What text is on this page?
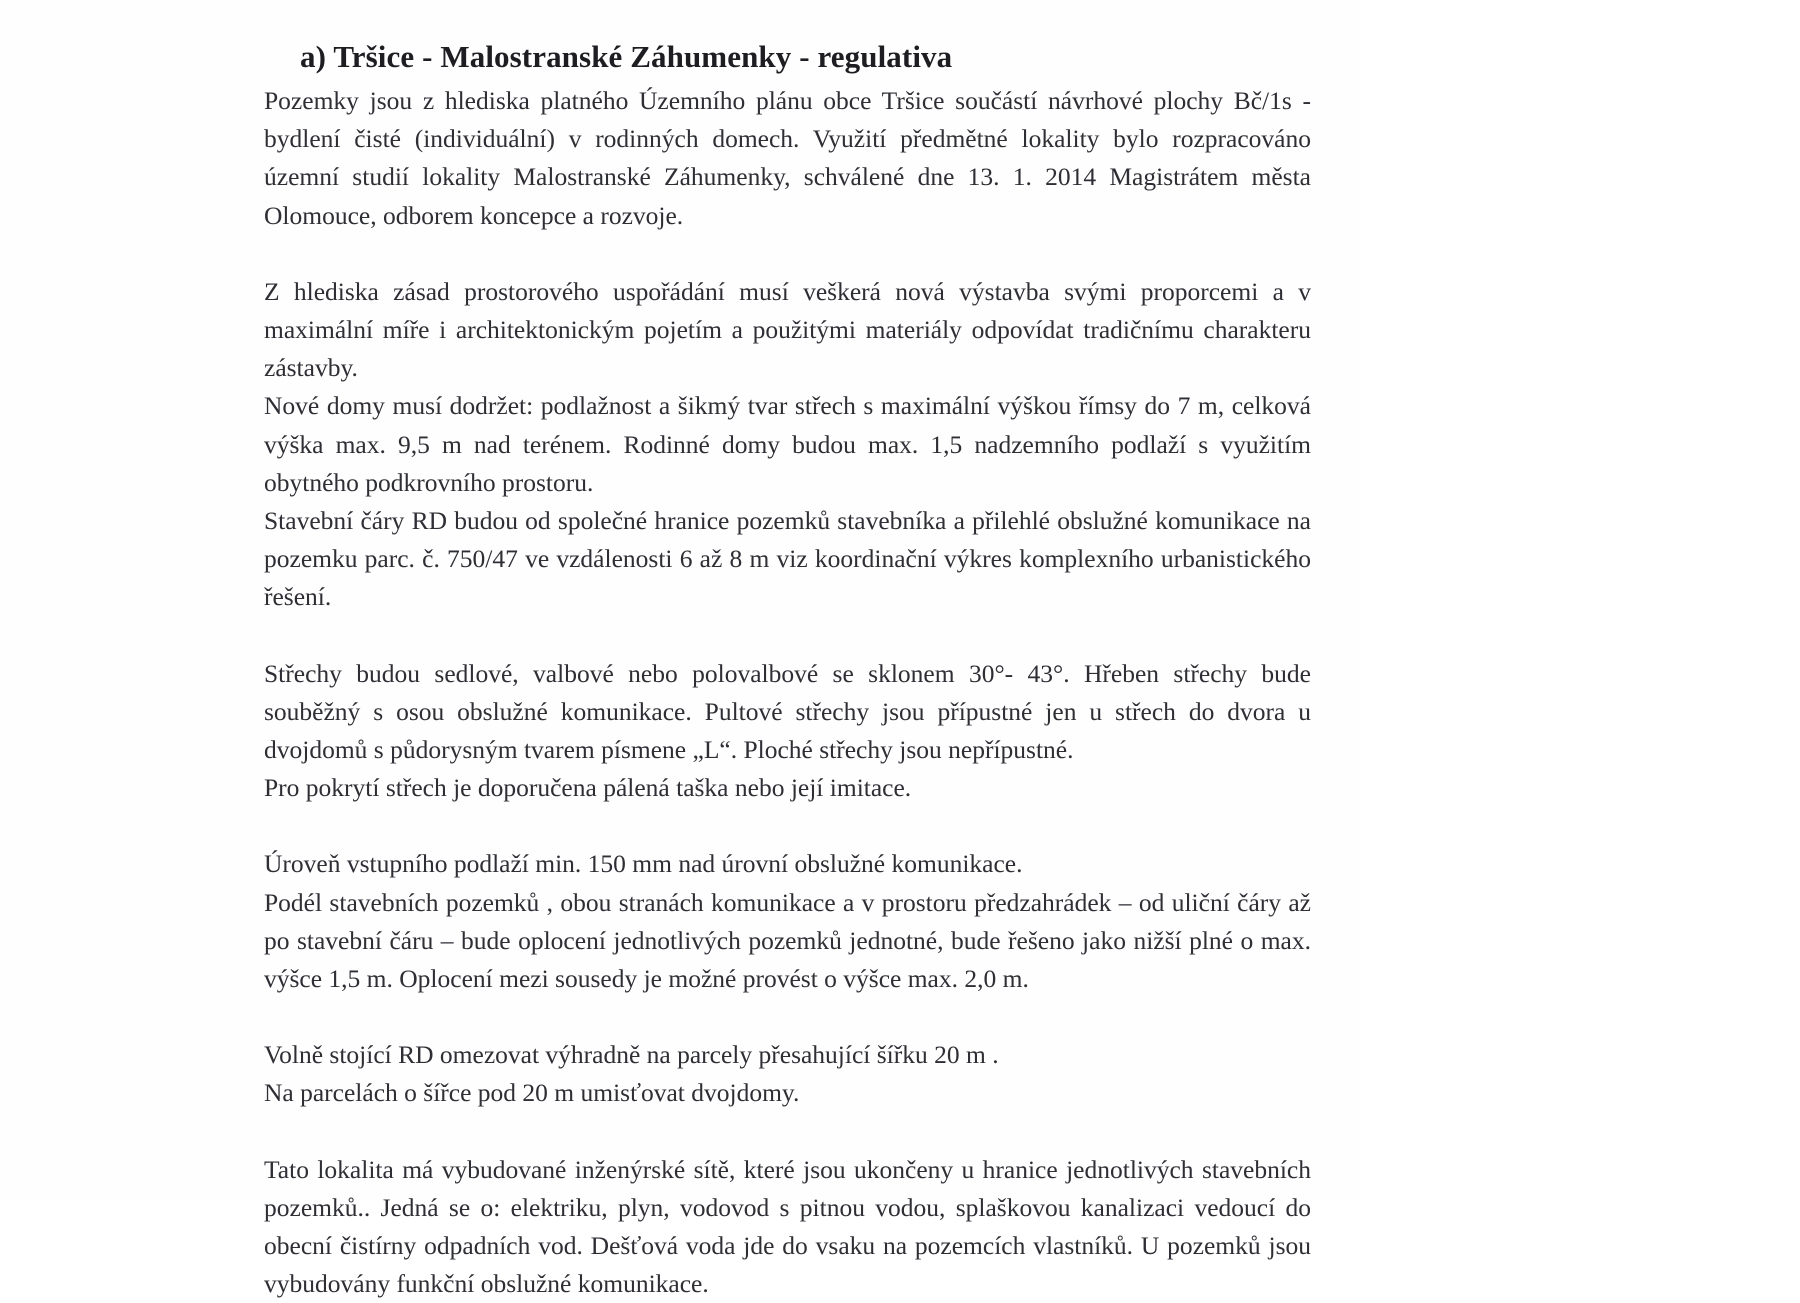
a) Tršice - Malostranské Záhumenky - regulativa

Pozemky jsou z hlediska platného Územního plánu obce Tršice součástí návrhové plochy Bč/1s - bydlení čisté (individuální) v rodinných domech. Využití předmětné lokality bylo rozpracováno územní studií lokality Malostranské Záhumenky, schválené dne 13. 1. 2014 Magistrátem města Olomouce, odborem koncepce a rozvoje.

Z hlediska zásad prostorového uspořádání musí veškerá nová výstavba svými proporcemi a v maximální míře i architektonickým pojetím a použitými materiály odpovídat tradičnímu charakteru zástavby.

Nové domy musí dodržet: podlažnost a šikmý tvar střech s maximální výškou římsy do 7 m, celková výška max. 9,5 m nad terénem. Rodinné domy budou max. 1,5 nadzemního podlaží s využitím obytného podkrovního prostoru.

Stavební čáry RD budou od společné hranice pozemků stavebníka a přilehlé obslužné komunikace na pozemku parc. č. 750/47 ve vzdálenosti 6 až 8 m viz koordinační výkres komplexního urbanistického řešení.

Střechy budou sedlové, valbové nebo polovalbové se sklonem 30°- 43°. Hřeben střechy bude souběžný s osou obslužné komunikace. Pultové střechy jsou přípustné jen u střech do dvora u dvojdomů s půdorysným tvarem písmene „L“. Ploché střechy jsou nepřípustné.

Pro pokrytí střech je doporučena pálená taška nebo její imitace.

Úroveň vstupního podlaží min. 150 mm nad úrovní obslužné komunikace.

Podél stavebních pozemků , obou stranách komunikace a v prostoru předzahrádek – od uliční čáry až po stavební čáru – bude oplocení jednotlivých pozemků jednotné, bude řešeno jako nižší plné o max. výšce 1,5 m. Oplocení mezi sousedy je možné provést o výšce max. 2,0 m.

Volně stojící RD omezovat výhradně na parcely přesahující šířku 20 m .

Na parcelách o šířce pod 20 m umisťovat dvojdomy.

Tato lokalita má vybudované inženýrské sítě, které jsou ukončeny u hranice jednotlivých stavebních pozemků.. Jedná se o: elektriku, plyn, vodovod s pitnou vodou, splaškovou kanalizaci vedoucí do obecní čistírny odpadních vod. Dešťová voda jde do vsaku na pozemcích vlastníků. U pozemků jsou vybudovány funkční obslužné komunikace.
